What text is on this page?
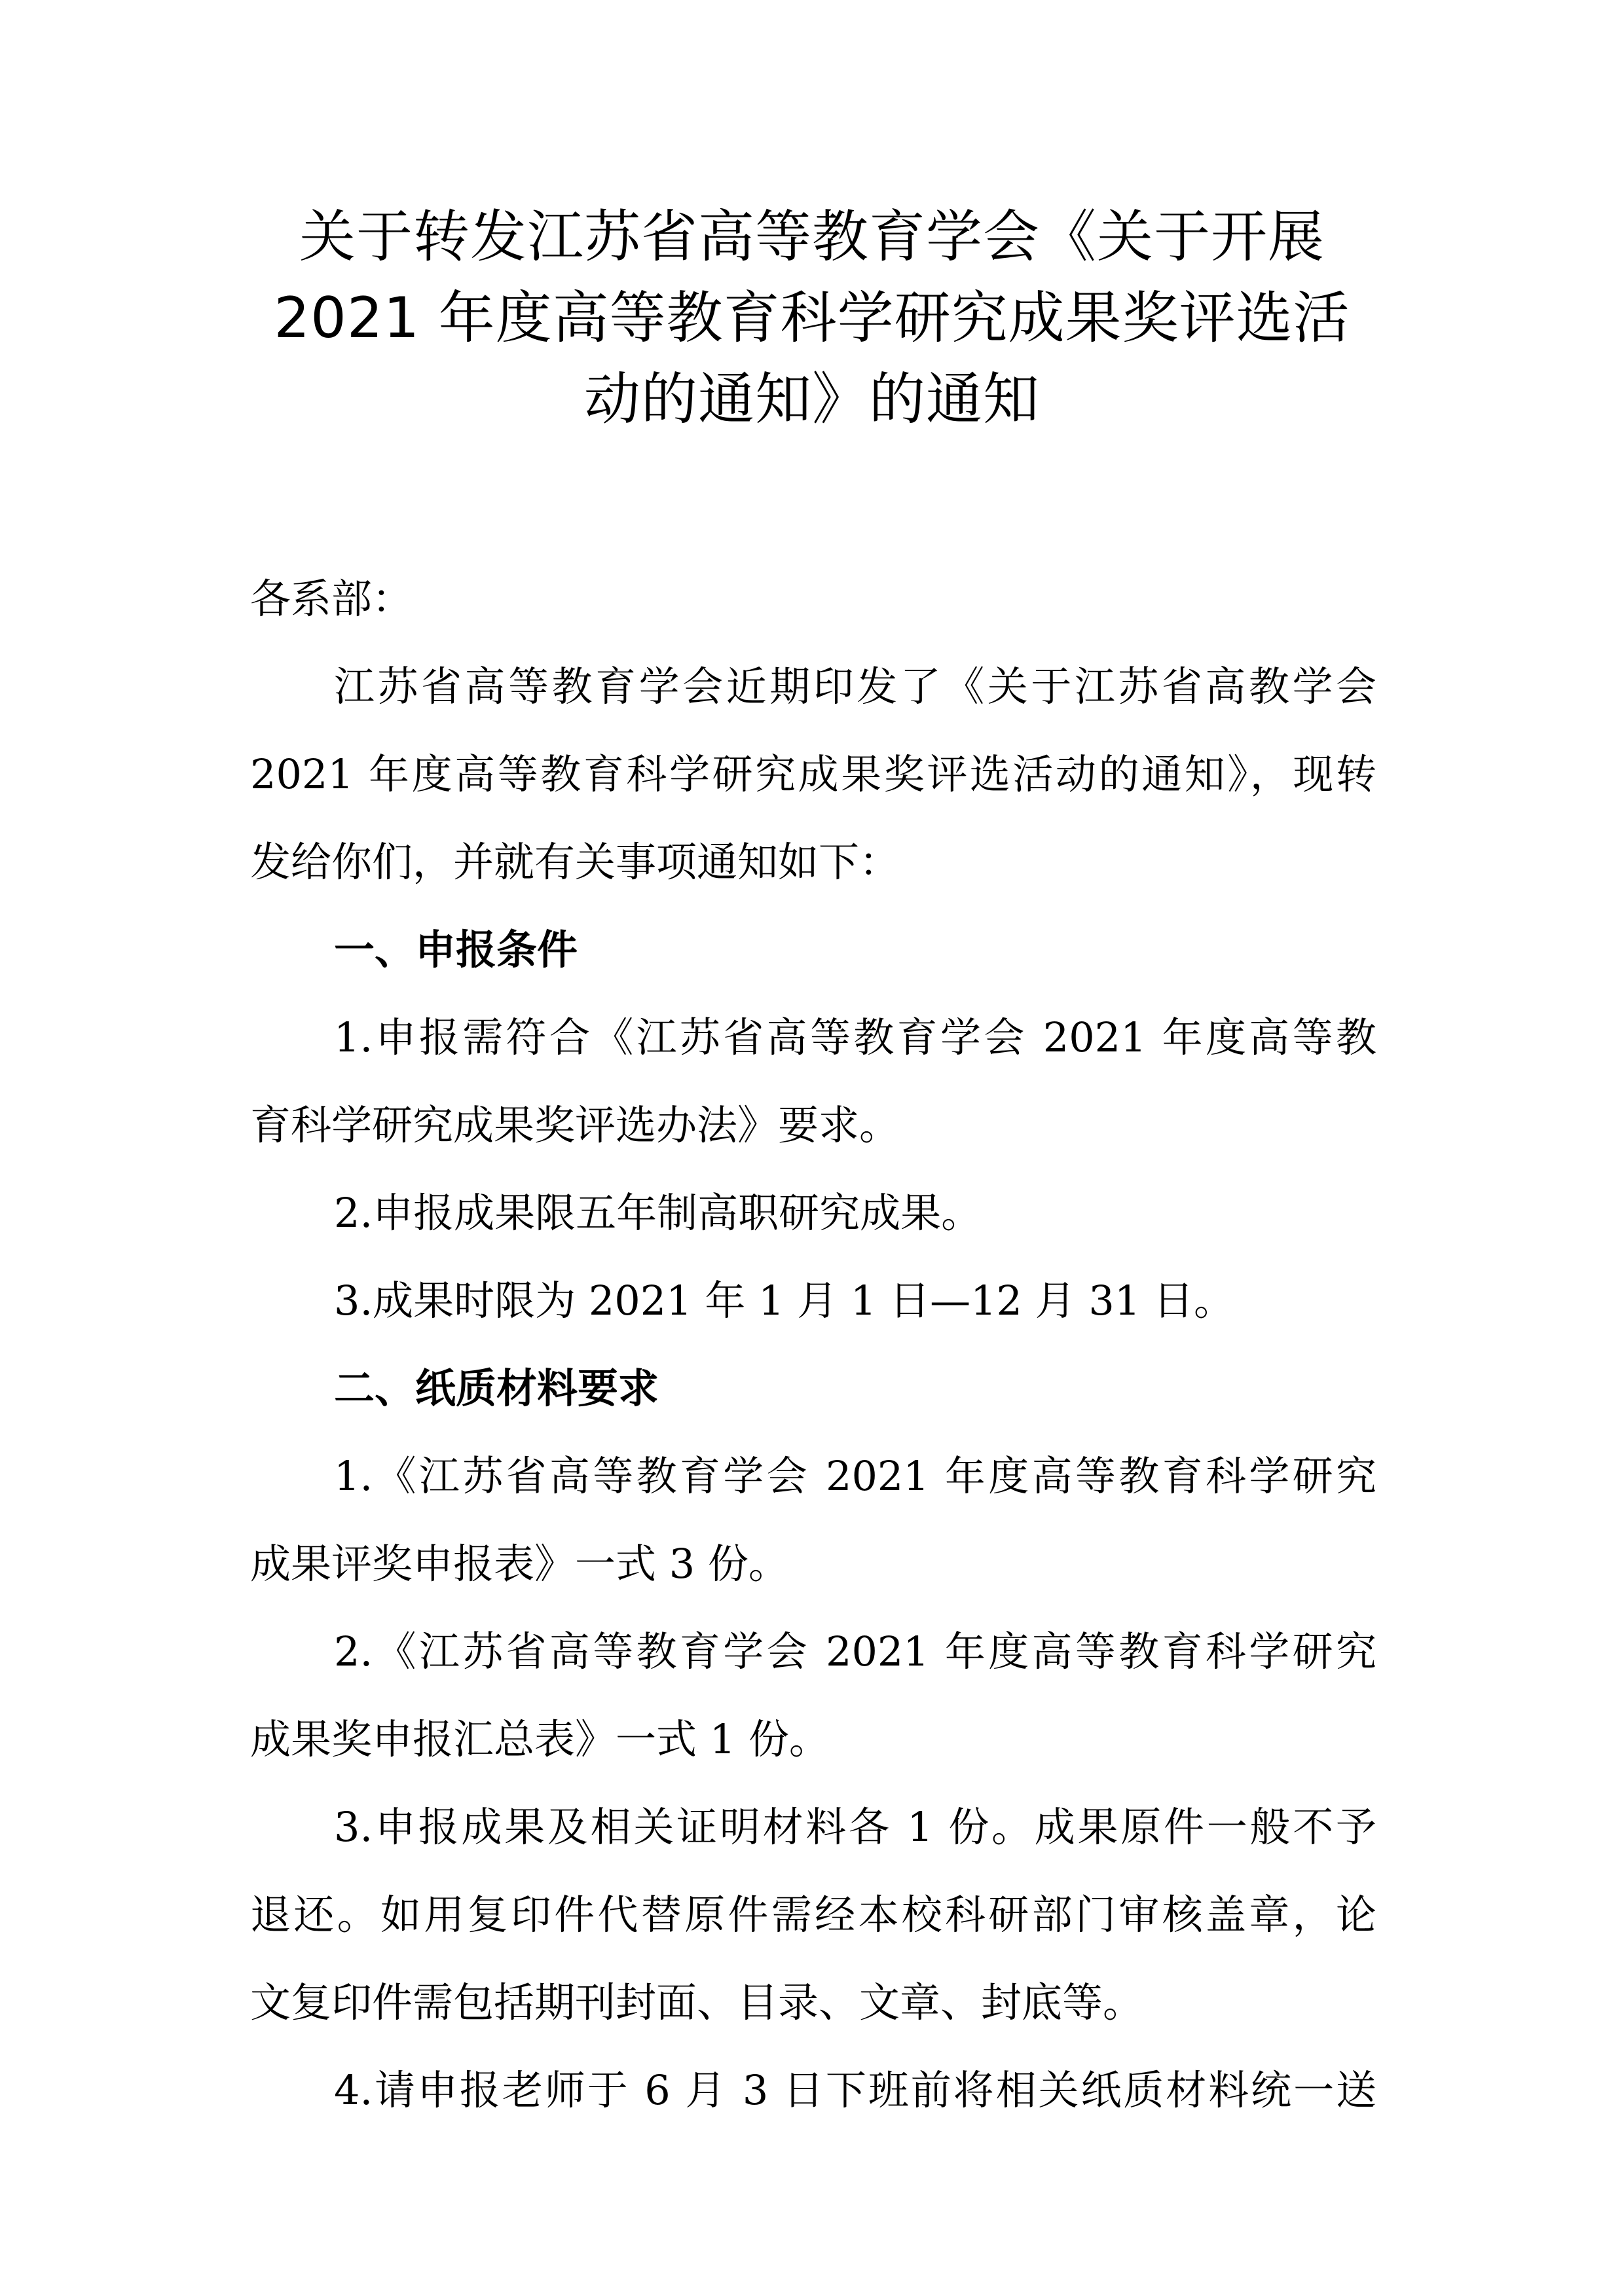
关于转发江苏省高等教育学会《关于开展
2021 年度高等教育科学研究成果奖评选活
动的通知》的通知
各系部：
江苏省高等教育学会近期印发了《关于江苏省高教学会
2021 年度高等教育科学研究成果奖评选活动的通知》，现转
发给你们，并就有关事项通知如下：
一、申报条件
1.申报需符合《江苏省高等教育学会 2021 年度高等教
育科学研究成果奖评选办法》要求。
2.申报成果限五年制高职研究成果。
3.成果时限为 2021 年 1 月 1 日—12 月 31 日。
二、纸质材料要求
1.《江苏省高等教育学会 2021 年度高等教育科学研究
成果评奖申报表》一式 3 份。
2.《江苏省高等教育学会 2021 年度高等教育科学研究
成果奖申报汇总表》一式 1 份。
3.申报成果及相关证明材料各 1 份。成果原件一般不予
退还。如用复印件代替原件需经本校科研部门审核盖章，论
文复印件需包括期刊封面、目录、文章、封底等。
4.请申报老师于 6 月 3 日下班前将相关纸质材料统一送
